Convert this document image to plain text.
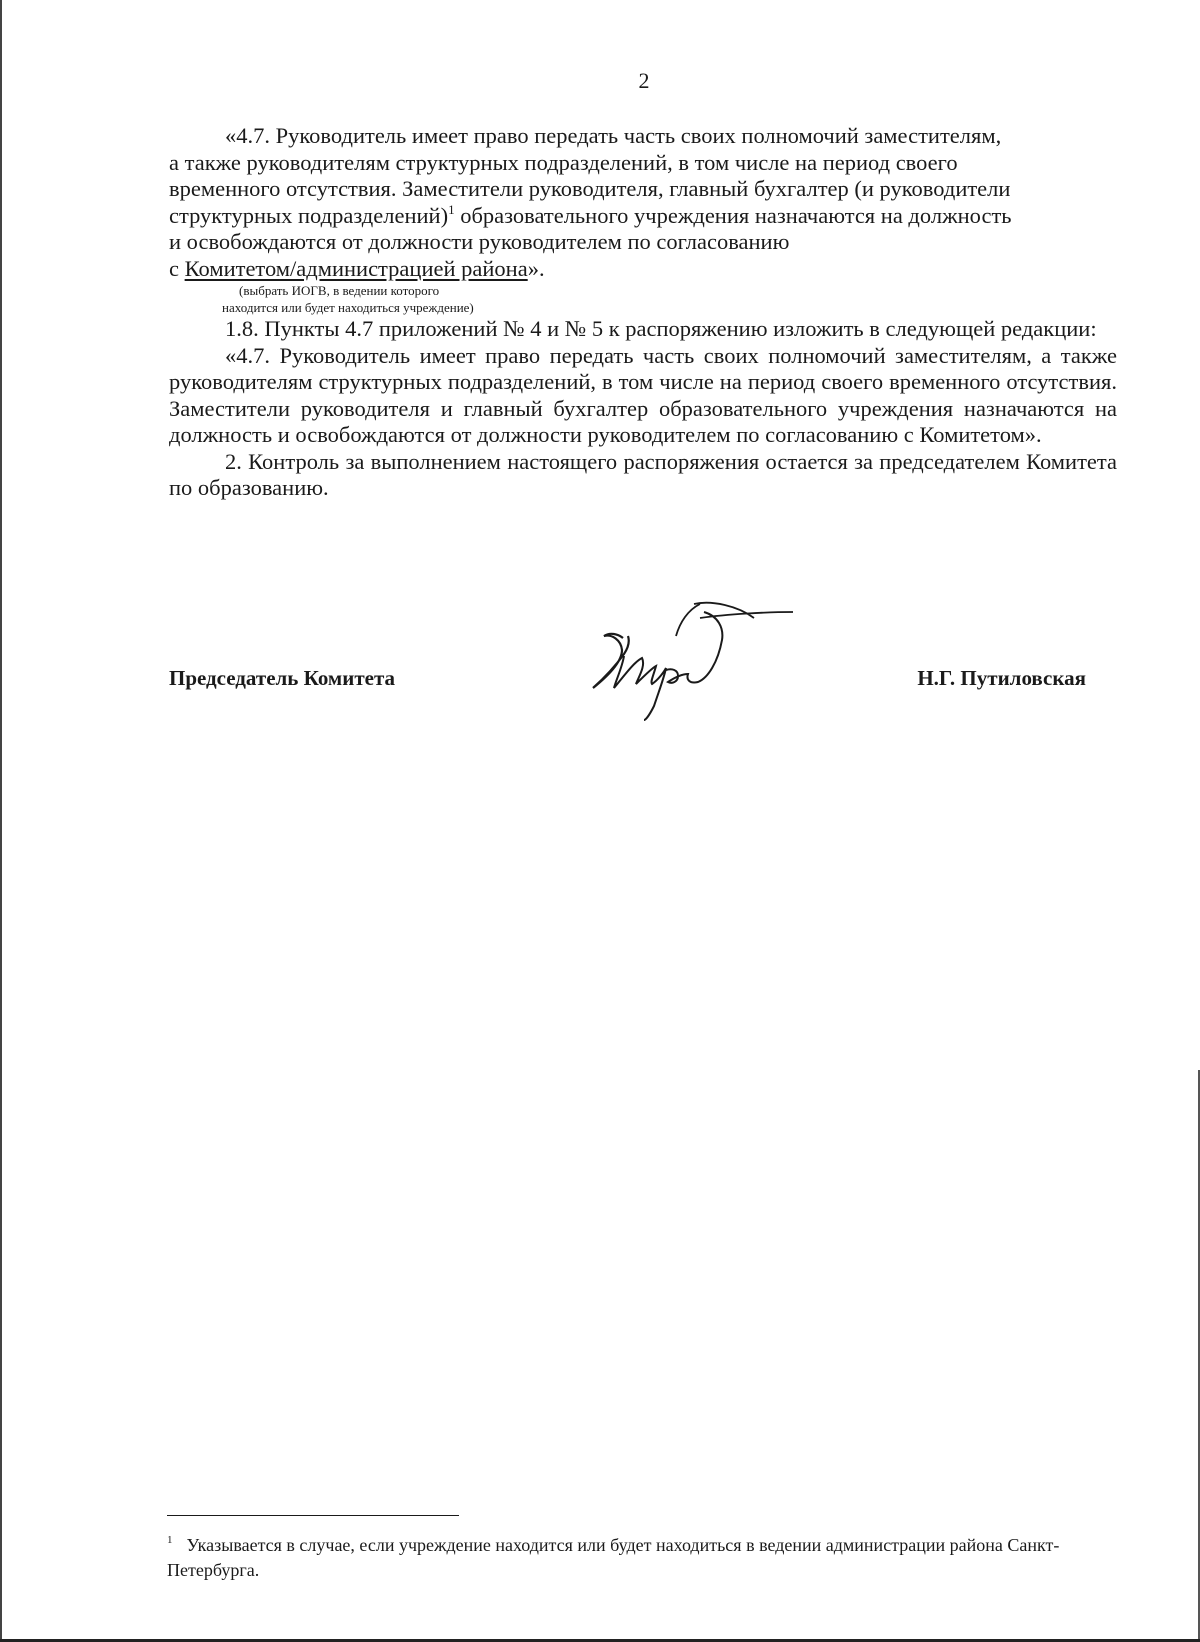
2

«4.7. Руководитель имеет право передать часть своих полномочий заместителям,

а также руководителям структурных подразделений, в том числе на период своего

временного отсутствия. Заместители руководителя, главный бухгалтер (и руководители

структурных подразделений)$^1$ образовательного учреждения назначаются на должность

и освобождаются от должности руководителем по согласованию

с Комитетом/администрацией района».

(выбрать ИОГВ, в ведении которого

находится или будет находиться учреждение)

1.8. Пункты 4.7 приложений № 4 и № 5 к распоряжению изложить в следующей редакции:

«4.7. Руководитель имеет право передать часть своих полномочий заместителям, а также руководителям структурных подразделений, в том числе на период своего временного отсутствия. Заместители руководителя и главный бухгалтер образовательного учреждения назначаются на должность и освобождаются от должности руководителем по согласованию с Комитетом».

2. Контроль за выполнением настоящего распоряжения остается за председателем Комитета по образованию.

Председатель Комитета	Н.Г. Путиловская
$^1$ Указывается в случае, если учреждение находится или будет находиться в ведении администрации района Санкт-Петербурга.
